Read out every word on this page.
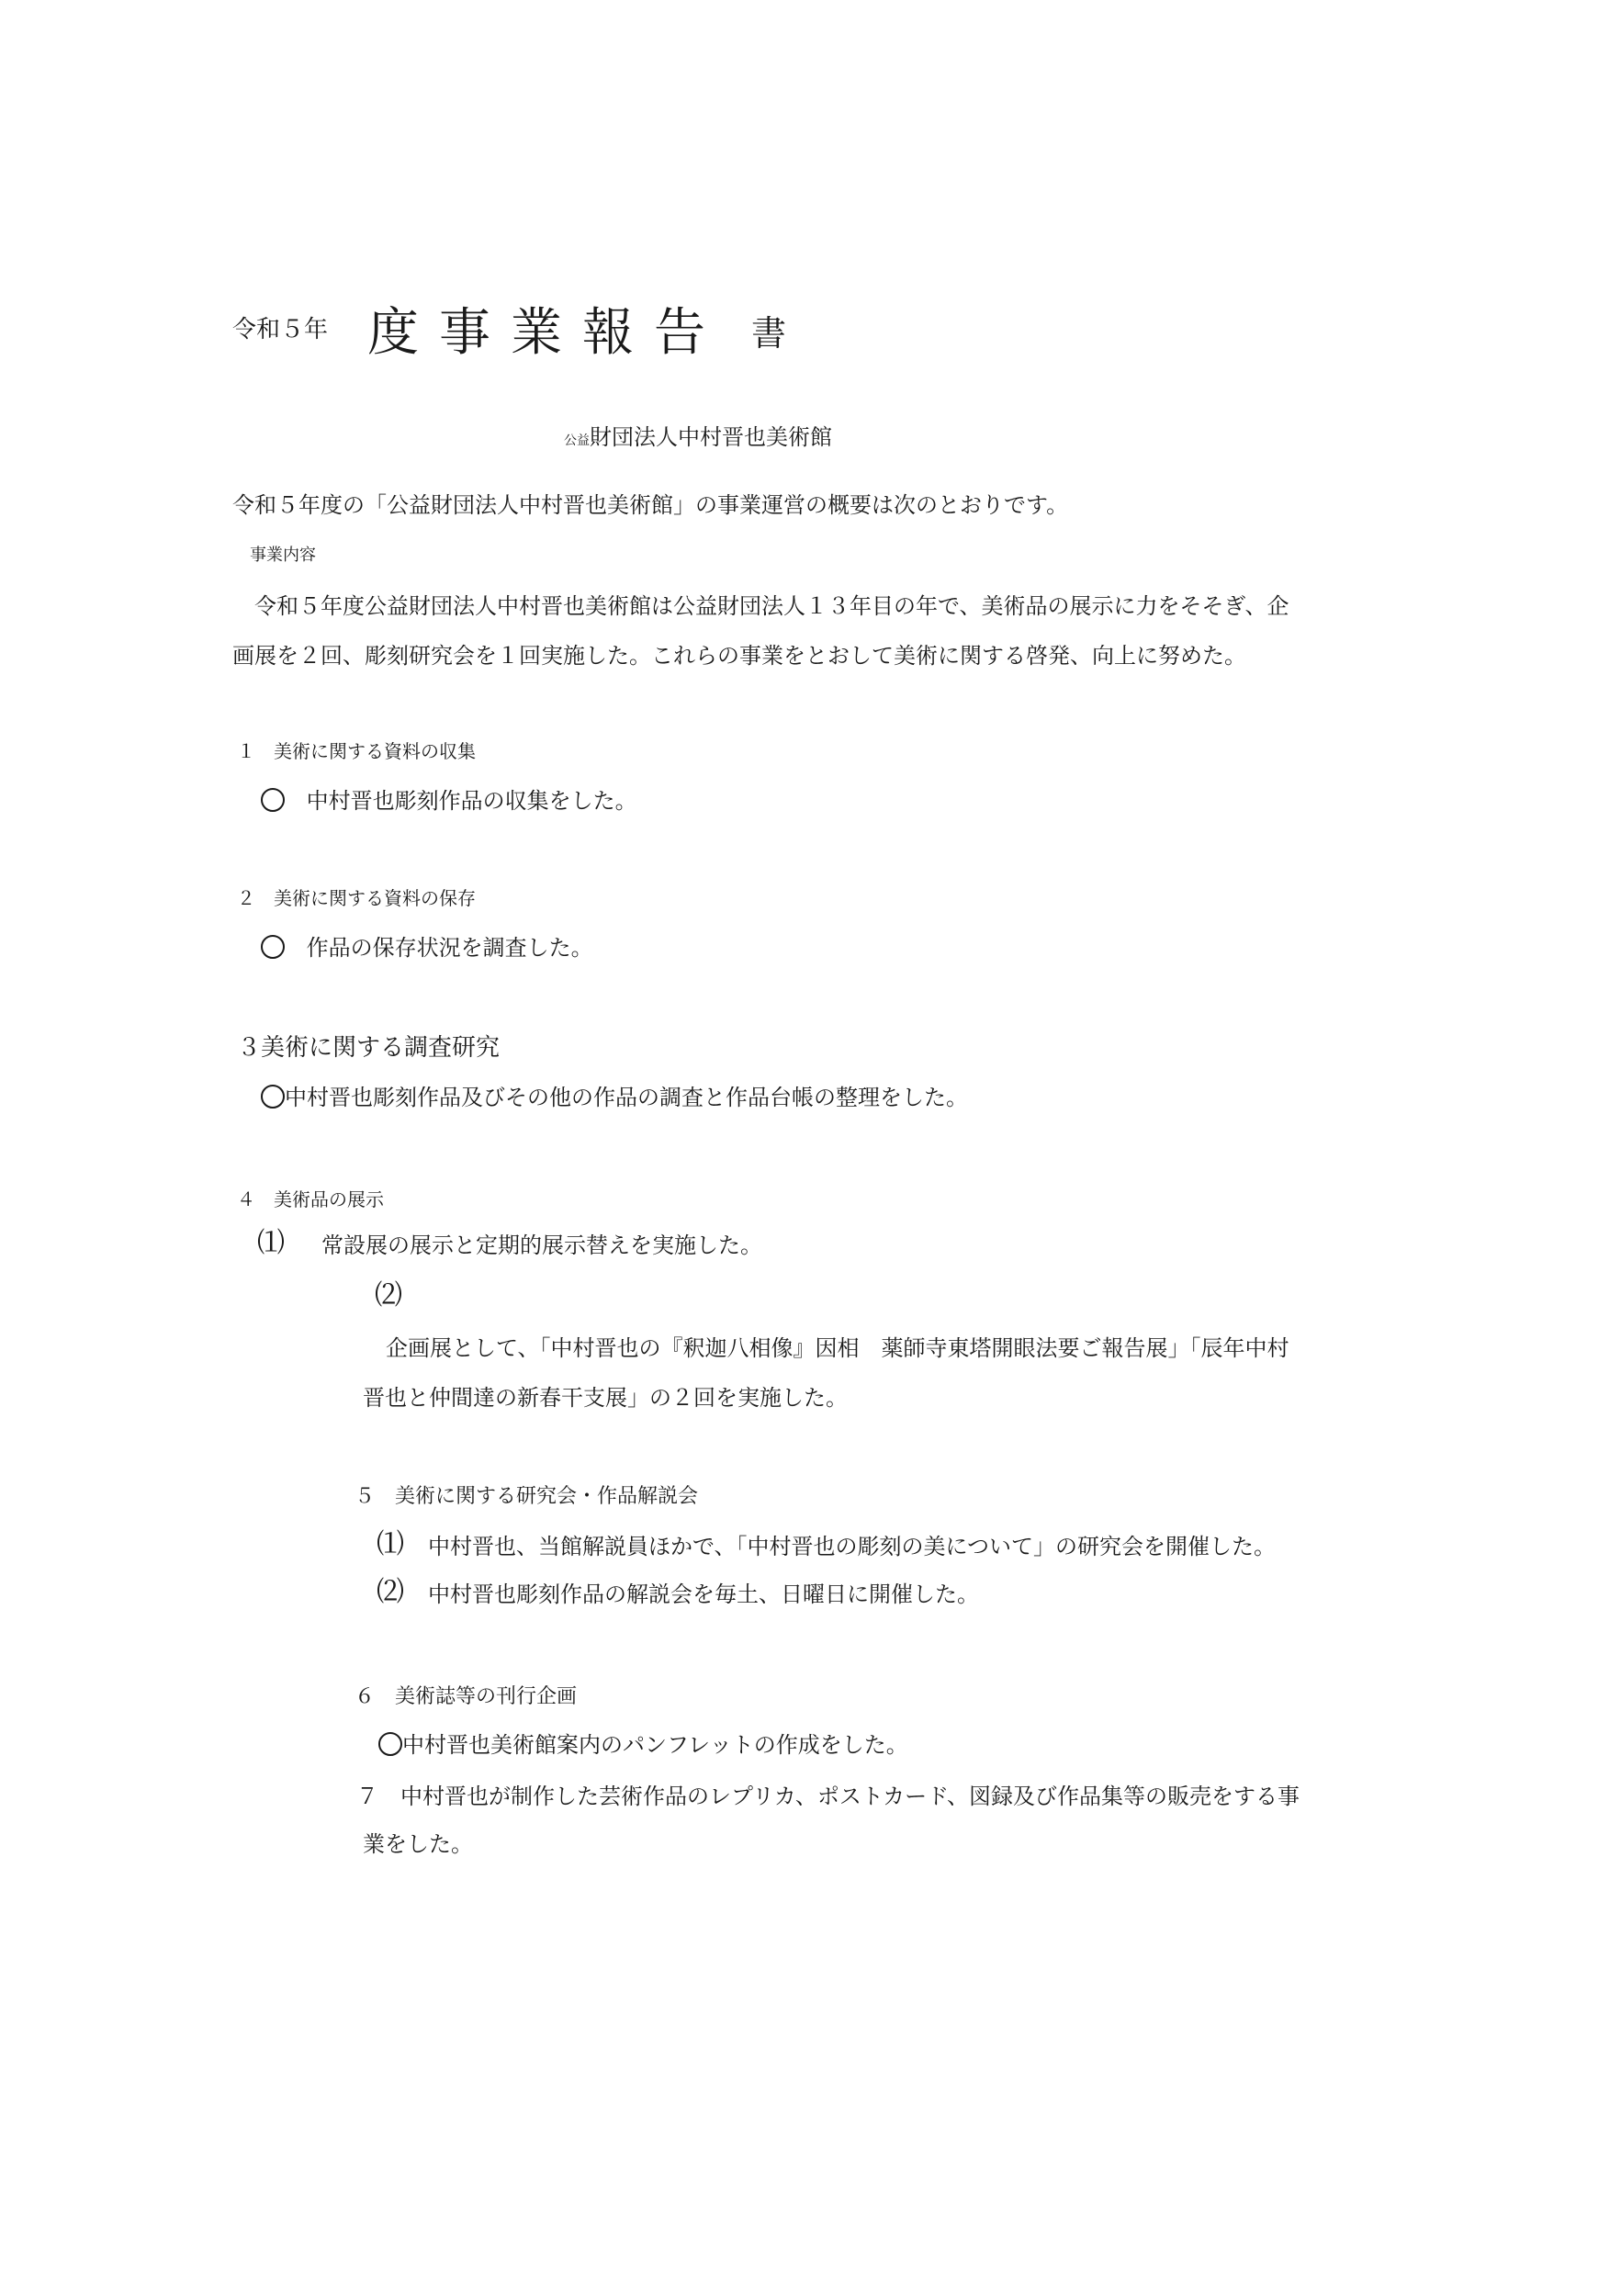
令和５年 度事業報告 書
公益財団法人中村晋也美術館
令和５年度の「公益財団法人中村晋也美術館」の事業運営の概要は次のとおりです。
事業内容
令和５年度公益財団法人中村晋也美術館は公益財団法人１３年目の年で、美術品の展示に力をそそぎ、企
画展を２回、彫刻研究会を１回実施した。これらの事業をとおして美術に関する啓発、向上に努めた。
１　美術に関する資料の収集
中村晋也彫刻作品の収集をした。
２　美術に関する資料の保存
作品の保存状況を調査した。
３美術に関する調査研究
中村晋也彫刻作品及びその他の作品の調査と作品台帳の整理をした。
４　美術品の展示
⑴ 常設展の展示と定期的展示替えを実施した。
⑵
企画展として、「中村晋也の『釈迦八相像』因相　薬師寺東塔開眼法要ご報告展」「辰年中村
晋也と仲間達の新春干支展」の２回を実施した。
５　美術に関する研究会・作品解説会
⑴ 中村晋也、当館解説員ほかで、「中村晋也の彫刻の美について」の研究会を開催した。
⑵ 中村晋也彫刻作品の解説会を毎土、日曜日に開催した。
６　美術誌等の刊行企画
中村晋也美術館案内のパンフレットの作成をした。
７　中村晋也が制作した芸術作品のレプリカ、ポストカード、図録及び作品集等の販売をする事
業をした。
